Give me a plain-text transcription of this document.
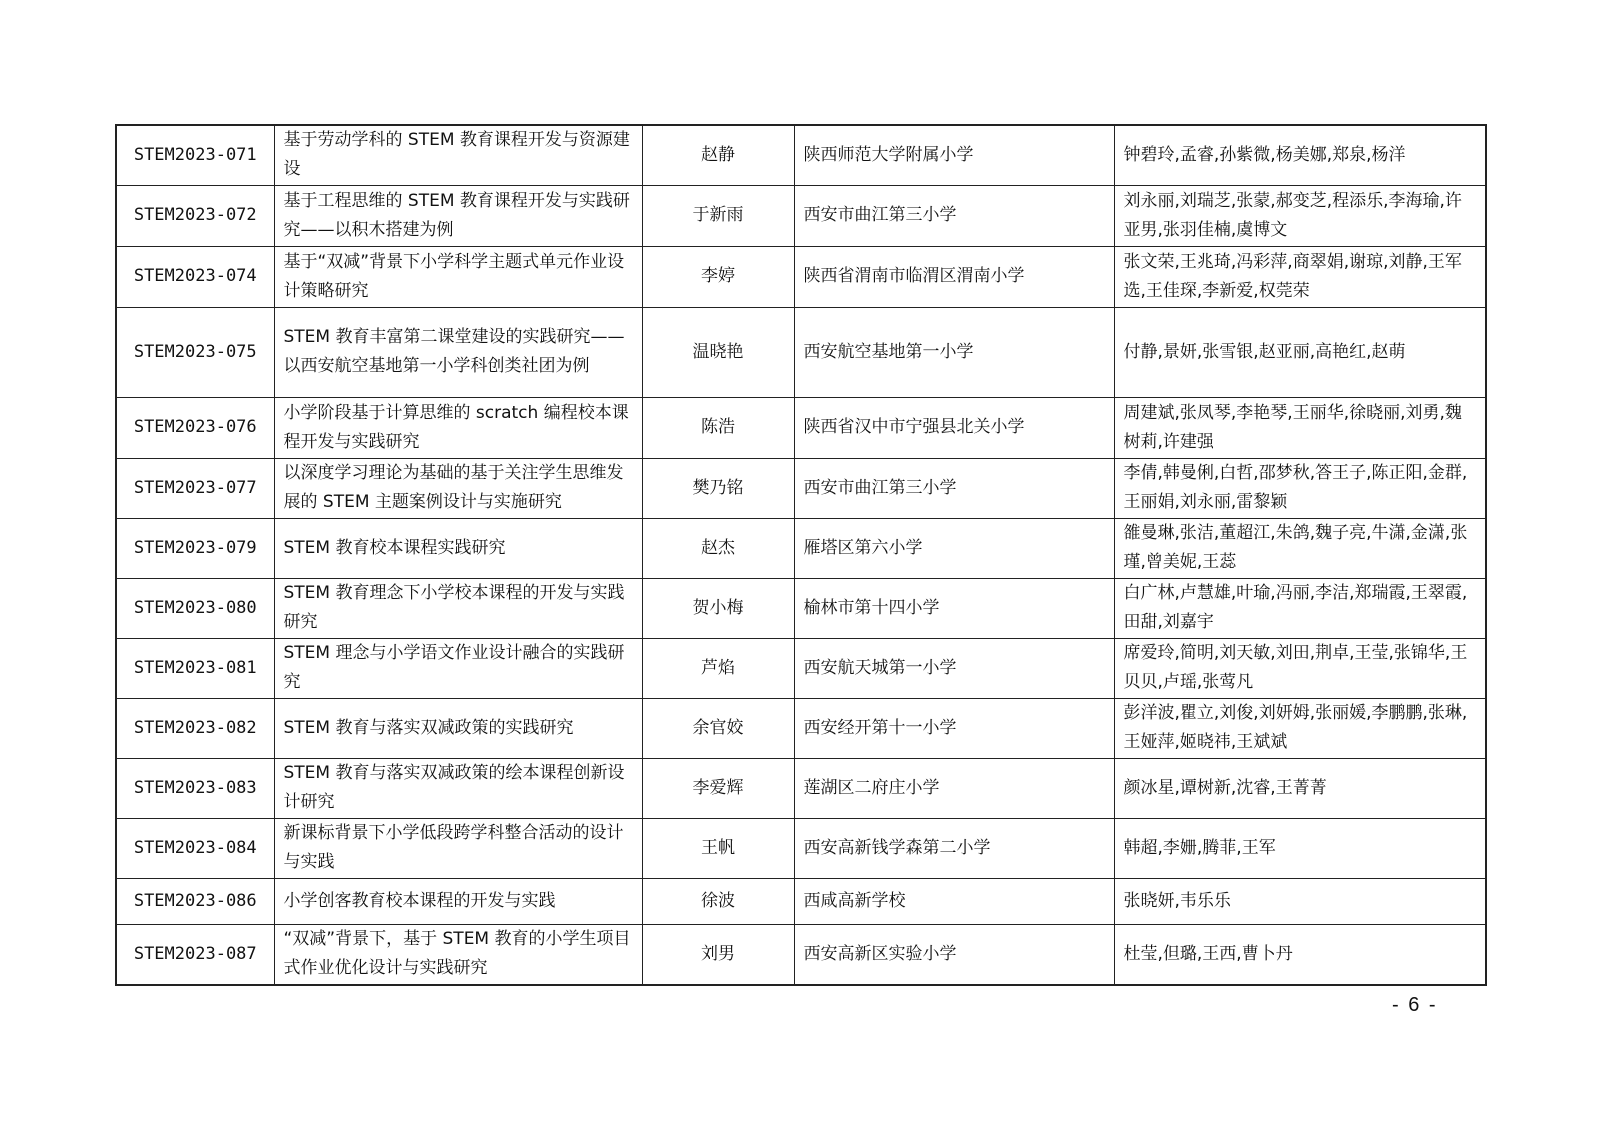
STEM2023-071	基于劳动学科的 STEM 教育课程开发与资源建设	赵静	陕西师范大学附属小学	钟碧玲,孟睿,孙紫微,杨美娜,郑泉,杨洋
STEM2023-072	基于工程思维的 STEM 教育课程开发与实践研究——以积木搭建为例	于新雨	西安市曲江第三小学	刘永丽,刘瑞芝,张蒙,郝变芝,程添乐,李海瑜,许亚男,张羽佳楠,虞博文
STEM2023-074	基于“双减”背景下小学科学主题式单元作业设计策略研究	李婷	陕西省渭南市临渭区渭南小学	张文荣,王兆琦,冯彩萍,商翠娟,谢琼,刘静,王军选,王佳琛,李新爱,权莞荣
STEM2023-075	STEM 教育丰富第二课堂建设的实践研究——以西安航空基地第一小学科创类社团为例	温晓艳	西安航空基地第一小学	付静,景妍,张雪银,赵亚丽,高艳红,赵萌
STEM2023-076	小学阶段基于计算思维的 scratch 编程校本课程开发与实践研究	陈浩	陕西省汉中市宁强县北关小学	周建斌,张凤琴,李艳琴,王丽华,徐晓丽,刘勇,魏树莉,许建强
STEM2023-077	以深度学习理论为基础的基于关注学生思维发展的 STEM 主题案例设计与实施研究	樊乃铭	西安市曲江第三小学	李倩,韩曼俐,白哲,邵梦秋,答王子,陈正阳,金群,王丽娟,刘永丽,雷黎颖
STEM2023-079	STEM 教育校本课程实践研究	赵杰	雁塔区第六小学	雒曼琳,张洁,董超江,朱鸽,魏子亮,牛潇,金潇,张瑾,曾美妮,王蕊
STEM2023-080	STEM 教育理念下小学校本课程的开发与实践研究	贺小梅	榆林市第十四小学	白广林,卢慧雄,叶瑜,冯丽,李洁,郑瑞霞,王翠霞,田甜,刘嘉宇
STEM2023-081	STEM 理念与小学语文作业设计融合的实践研究	芦焰	西安航天城第一小学	席爱玲,简明,刘天敏,刘田,荆卓,王莹,张锦华,王贝贝,卢瑶,张莺凡
STEM2023-082	STEM 教育与落实双减政策的实践研究	余官姣	西安经开第十一小学	彭洋波,瞿立,刘俊,刘妍姆,张丽媛,李鹏鹏,张琳,王娅萍,姬晓祎,王斌斌
STEM2023-083	STEM 教育与落实双减政策的绘本课程创新设计研究	李爱辉	莲湖区二府庄小学	颜冰星,谭树新,沈睿,王菁菁
STEM2023-084	新课标背景下小学低段跨学科整合活动的设计与实践	王帆	西安高新钱学森第二小学	韩超,李姗,腾菲,王军
STEM2023-086	小学创客教育校本课程的开发与实践	徐波	西咸高新学校	张晓妍,韦乐乐
STEM2023-087	“双减”背景下，基于 STEM 教育的小学生项目式作业优化设计与实践研究	刘男	西安高新区实验小学	杜莹,但璐,王西,曹卜丹
- 6 -
